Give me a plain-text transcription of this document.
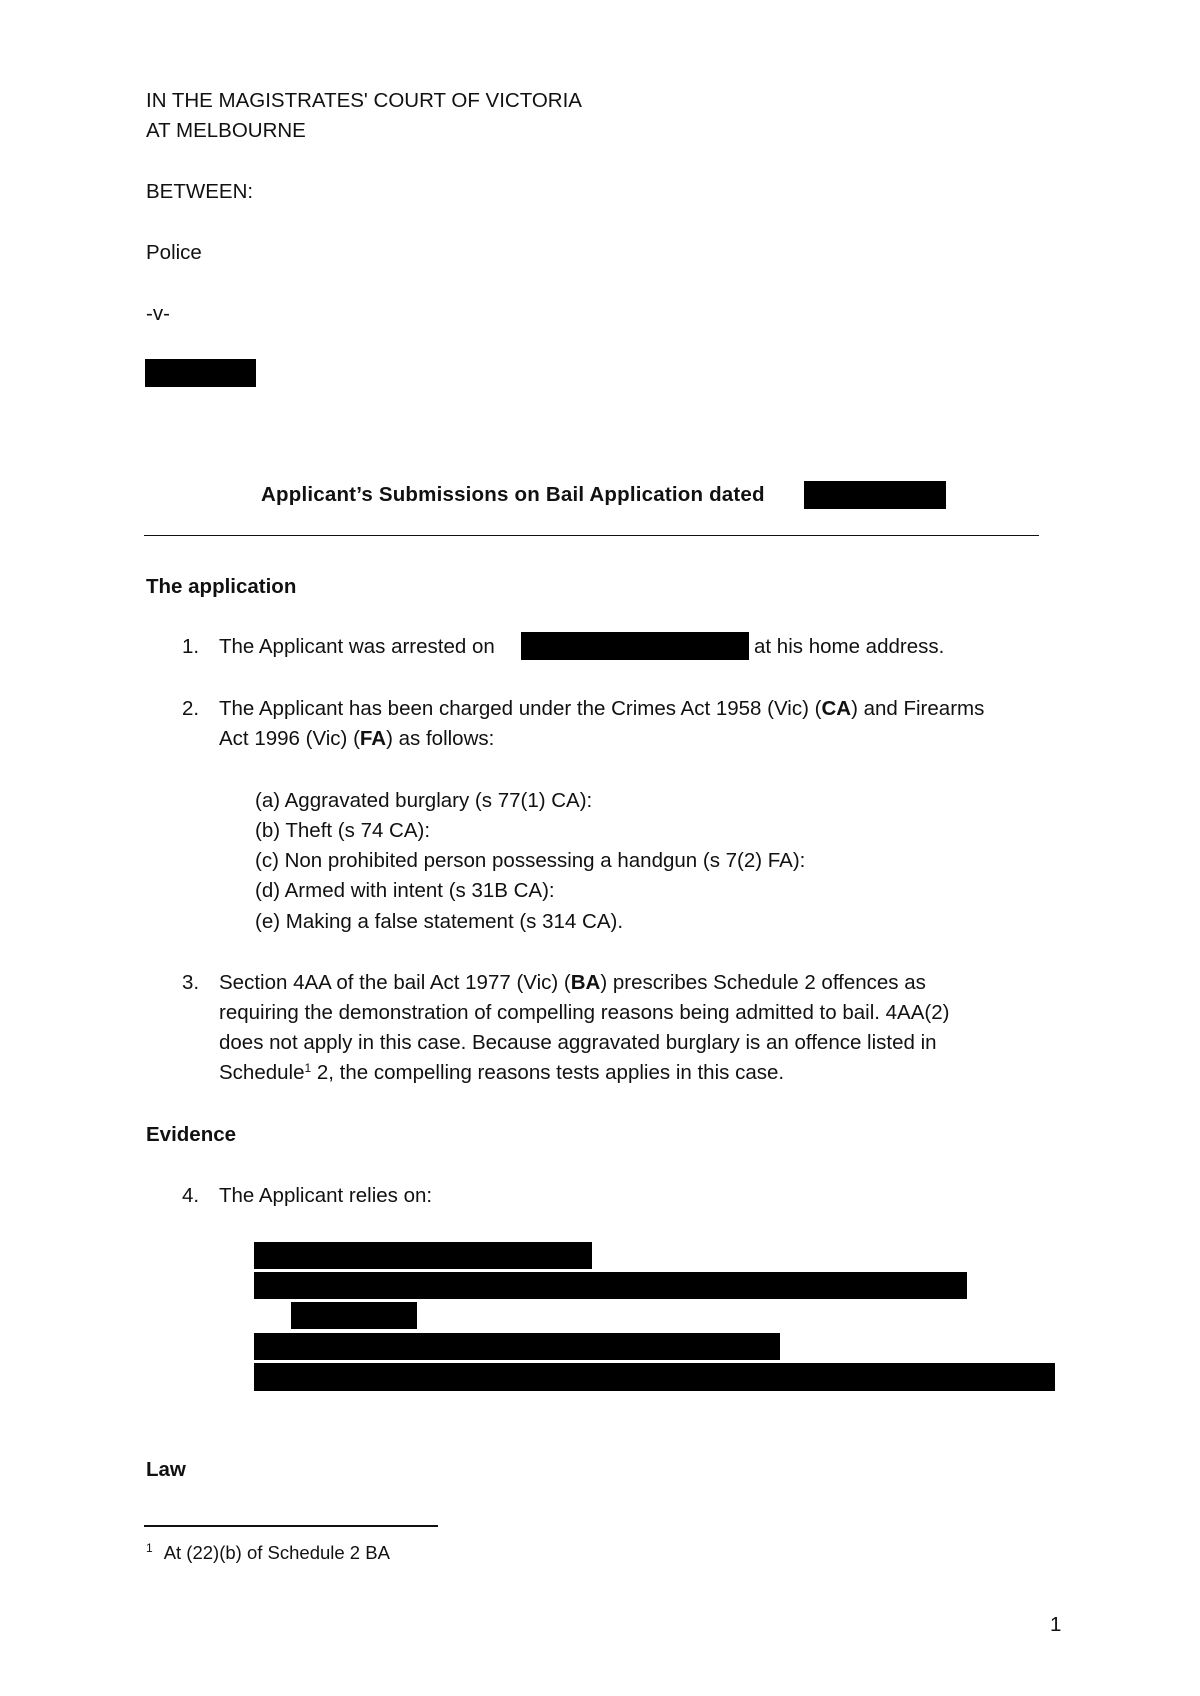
IN THE MAGISTRATES' COURT OF VICTORIA
AT MELBOURNE
BETWEEN:
Police
-v-
Applicant’s Submissions on Bail Application dated
The application
1. The Applicant was arrested on	at his home address.
2. The Applicant has been charged under the Crimes Act 1958 (Vic) (CA) and Firearms
Act 1996 (Vic) (FA) as follows:
(a) Aggravated burglary (s 77(1) CA):
(b) Theft (s 74 CA):
(c) Non prohibited person possessing a handgun (s 7(2) FA):
(d) Armed with intent (s 31B CA):
(e) Making a false statement (s 314 CA).
3. Section 4AA of the bail Act 1977 (Vic) (BA) prescribes Schedule 2 offences as
requiring the demonstration of compelling reasons being admitted to bail. 4AA(2)
does not apply in this case. Because aggravated burglary is an offence listed in
Schedule$^1$ 2, the compelling reasons tests applies in this case.
Evidence
4. The Applicant relies on:
Law
$^1$ At (22)(b) of Schedule 2 BA
1
